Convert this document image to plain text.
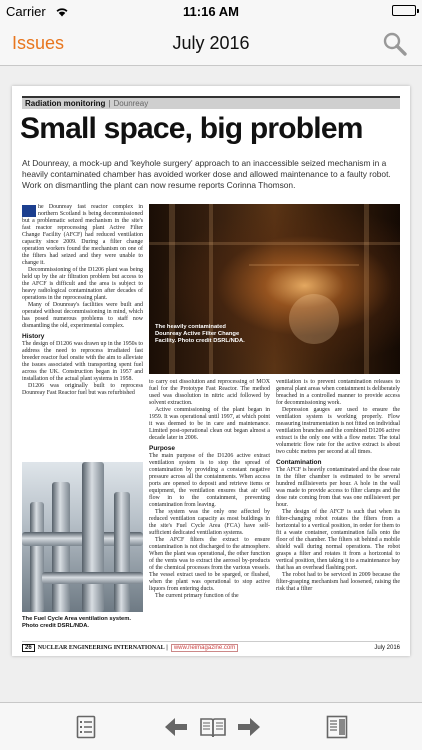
Carrier	11:16 AM
Issues	July 2016
Radiation monitoring | Dounreay
Small space, big problem
At Dounreay, a mock-up and 'keyhole surgery' approach to an inaccessible seized mechanism in a heavily contaminated chamber has avoided worker dose and allowed maintenance to a faulty robot. Work on dismantling the plant can now resume reports Corinna Thomson.

he Dounreay fast reactor complex in northern Scotland is being decommissioned but a problematic seized mechanism in the site's fast reactor reprocessing plant Active Filter Change Facility (AFCF) had reduced ventilation capacity since 2009. During a filter change operation workers found the mechanism on one of the filters had seized and they were unable to change it.

Decommissioning of the D1206 plant was being held up by the air filtration problem but access to the AFCF is difficult and the area is subject to heavy radiological contamination after decades of operations in the reprocessing plant.

Many of Dounreay's facilities were built and operated without decommissioning in mind, which has posed numerous problems to staff now dismantling the old, experimental complex.

History

The design of D1206 was drawn up in the 1950s to address the need to reprocess irradiated fast breeder reactor fuel onsite with the aim to alleviate the issues associated with transporting spent fuel across the UK. Construction began in 1957 and installation of the actual plant systems in 1958.

D1206 was originally built to reprocess Dounreay Fast Reactor fuel but was refurbished

The heavily contaminated Dounreay Active Filter Change Facility. Photo credit DSRL/NDA.

to carry out dissolution and reprocessing of MOX fuel for the Prototype Fast Reactor. The method used was dissolution in nitric acid followed by solvent extraction.

Active commissioning of the plant began in 1959. It was operational until 1997, at which point it was deemed to be in care and maintenance. Limited post-operational clean out began almost a decade later in 2006.

Purpose

The main purpose of the D1206 active extract ventilation system is to stop the spread of contamination by providing a constant negative pressure across all the containments. When access ports are opened to deposit and retrieve items or equipment, the ventilation ensures that air will flow in to the containment, preventing contamination from leaving.

The system was the only one affected by reduced ventilation capacity as most buildings in the site's Fuel Cycle Area (FCA) have self-sufficient dedicated ventilation systems.

The AFCF filters the extract to ensure contamination is not discharged to the atmosphere. When the plant was operational, the other function of the vents was to extract the aerosol by-products of the chemical processes from the various vessels. The vessel extract used to be sparged, or flushed, when the plant was operational to stop active liquors from entering ducts.

The current primary function of the

ventilation is to prevent contamination releases to general plant areas when containment is deliberately breached in a controlled manner to provide access for decommissioning work.

Depression gauges are used to ensure the ventilation system is working properly. Flow measuring instrumentation is not fitted on individual ventilation branches and the combined D1206 active extract is the only one with a flow meter. The total volumetric flow rate for the active extract is about two cubic metres per second at all times.

Contamination

The AFCF is heavily contaminated and the dose rate in the filter chamber is estimated to be several hundred millisieverts per hour. A hole in the wall was made to provide access to filter clamps and the dose rate coming from that was one millisievert per hour.

The design of the AFCF is such that when its filter-changing robot rotates the filters from a horizontal to a vertical position, in order for them to fit a waste container, contamination falls onto the floor of the chamber. The filters sit behind a mobile shield wall during normal operations. The robot grasps a filter and rotates it from a horizontal to vertical position, then taking it to a maintenance bay that has an overhead flashing port.

The robot had to be serviced in 2009 because the filter-grasping mechanism had loosened, raising the risk that a filter

The Fuel Cycle Area ventilation system. Photo credit DSRL/NDA.
26 NUCLEAR ENGINEERING INTERNATIONAL | www.neimagazine.com	July 2016
